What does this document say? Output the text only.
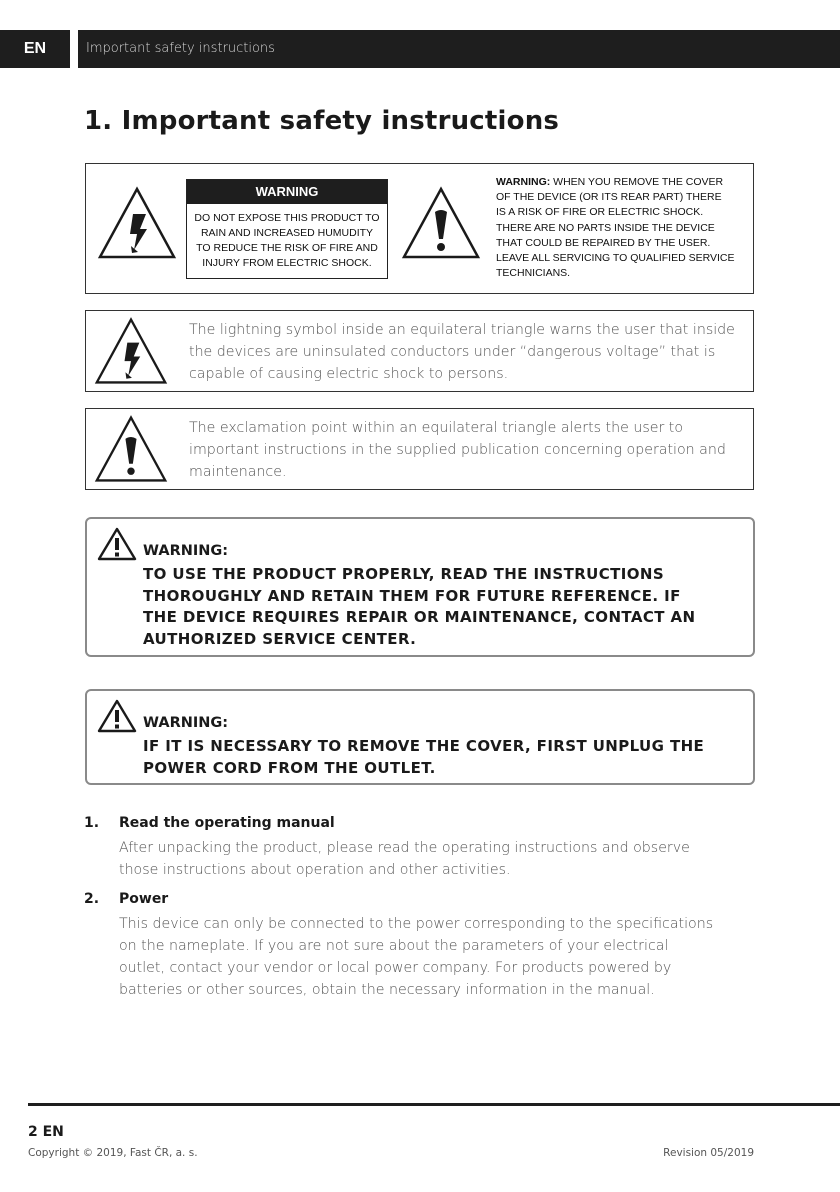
EN	Important safety instructions
1. Important safety instructions
WARNING
DO NOT EXPOSE THIS PRODUCT TO
RAIN AND INCREASED HUMUDITY
TO REDUCE THE RISK OF FIRE AND
INJURY FROM ELECTRIC SHOCK.
WARNING: WHEN YOU REMOVE THE COVER
OF THE DEVICE (OR ITS REAR PART) THERE
IS A RISK OF FIRE OR ELECTRIC SHOCK.
THERE ARE NO PARTS INSIDE THE DEVICE
THAT COULD BE REPAIRED BY THE USER.
LEAVE ALL SERVICING TO QUALIFIED SERVICE
TECHNICIANS.
The lightning symbol inside an equilateral triangle warns the user that inside the devices are uninsulated conductors under “dangerous voltage” that is capable of causing electric shock to persons.
The exclamation point within an equilateral triangle alerts the user to important instructions in the supplied publication concerning operation and maintenance.
WARNING:
TO USE THE PRODUCT PROPERLY, READ THE INSTRUCTIONS
THOROUGHLY AND RETAIN THEM FOR FUTURE REFERENCE. IF
THE DEVICE REQUIRES REPAIR OR MAINTENANCE, CONTACT AN
AUTHORIZED SERVICE CENTER.
WARNING:
IF IT IS NECESSARY TO REMOVE THE COVER, FIRST UNPLUG THE
POWER CORD FROM THE OUTLET.
1. Read the operating manual
After unpacking the product, please read the operating instructions and observe
those instructions about operation and other activities.
2. Power
This device can only be connected to the power corresponding to the specifications
on the nameplate. If you are not sure about the parameters of your electrical
outlet, contact your vendor or local power company. For products powered by
batteries or other sources, obtain the necessary information in the manual.
2 EN
Copyright © 2019, Fast ČR, a. s.	Revision 05/2019
